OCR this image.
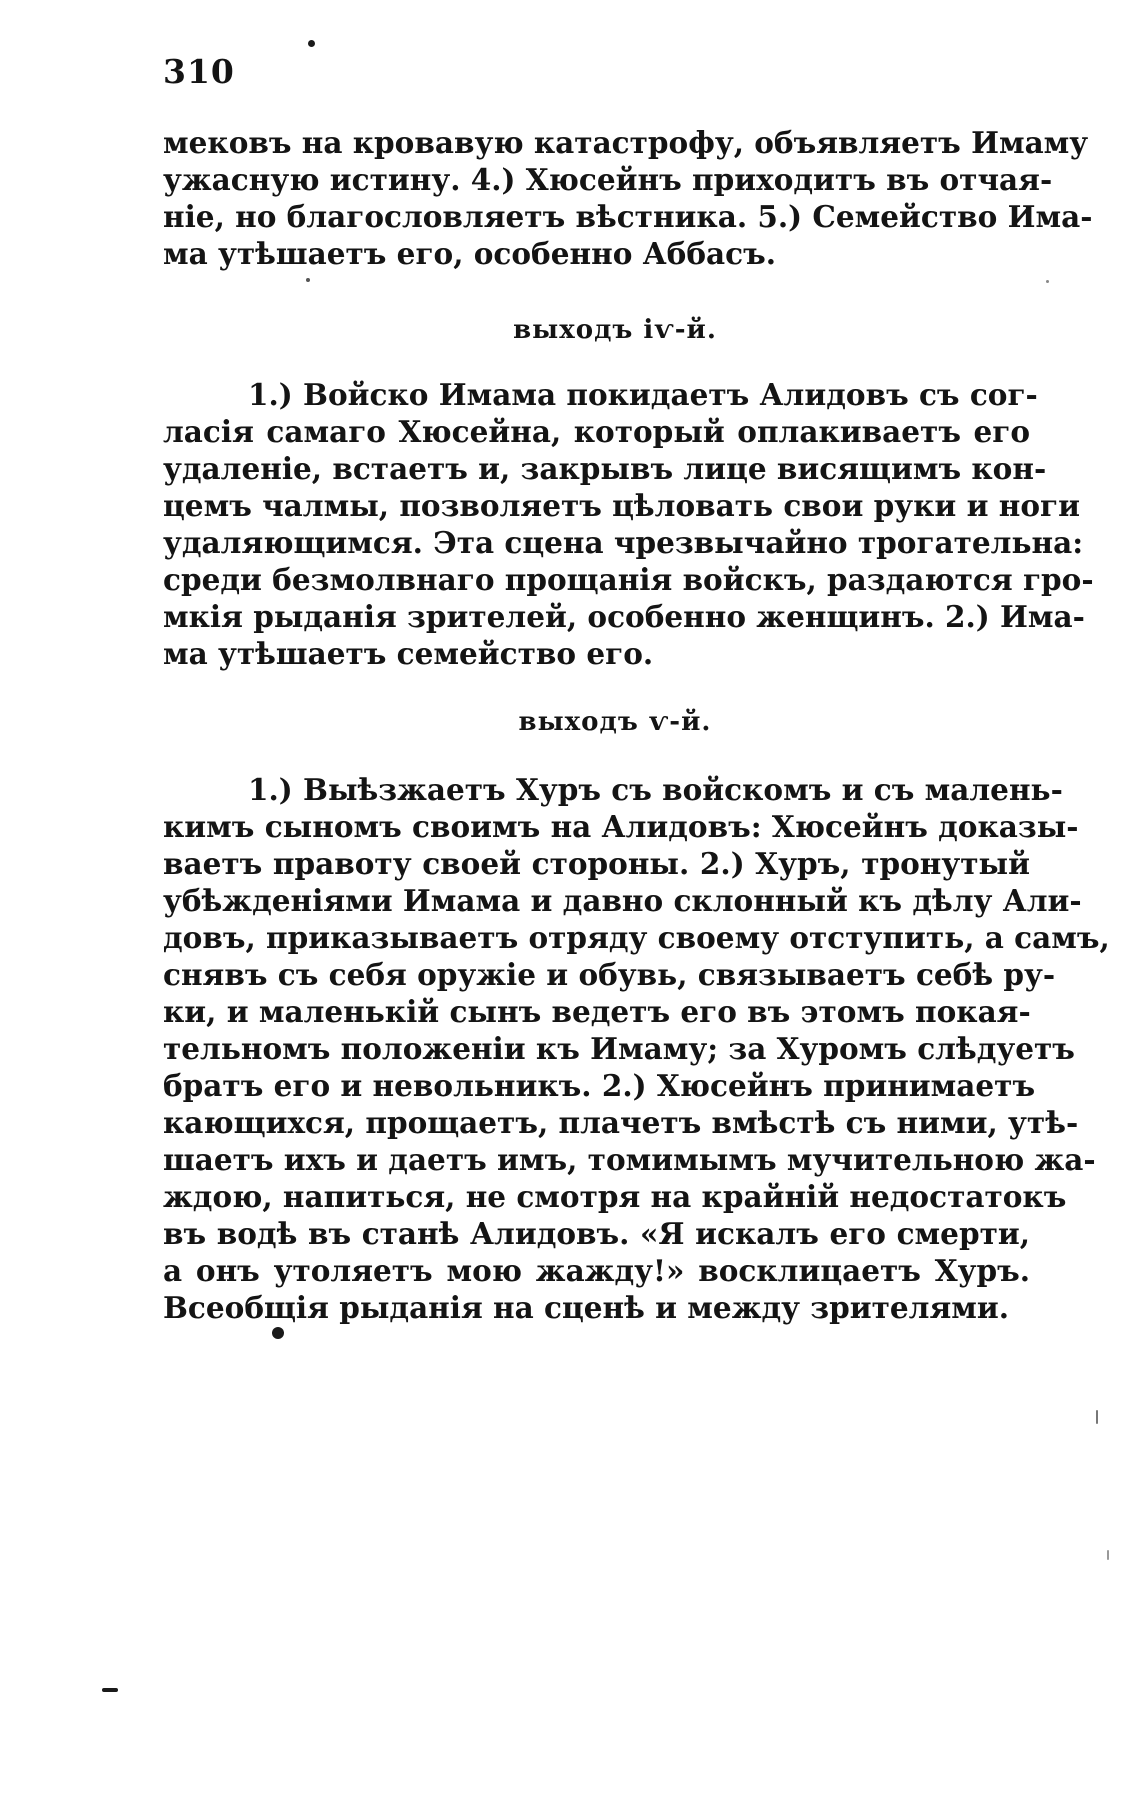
310
мековъ на кровавую катастрофу, объявляетъ Имаму
ужасную истину. 4.) Хюсейнъ приходитъ въ отчая-
ніе, но благословляетъ вѣстника. 5.) Семейство Има-
ма утѣшаетъ его, особенно Аббасъ.
выходъ іѵ-й.
1.) Войско Имама покидаетъ Алидовъ съ сог-
ласія самаго Хюсейна, который оплакиваетъ его
удаленіе, встаетъ и, закрывъ лице висящимъ кон-
цемъ чалмы, позволяетъ цѣловать свои руки и ноги
удаляющимся. Эта сцена чрезвычайно трогательна:
среди безмолвнаго прощанія войскъ, раздаются гро-
мкія рыданія зрителей, особенно женщинъ. 2.) Има-
ма утѣшаетъ семейство его.
выходъ ѵ-й.
1.) Выѣзжаетъ Хуръ съ войскомъ и съ малень-
кимъ сыномъ своимъ на Алидовъ: Хюсейнъ доказы-
ваетъ правоту своей стороны. 2.) Хуръ, тронутый
убѣжденіями Имама и давно склонный къ дѣлу Али-
довъ, приказываетъ отряду своему отступить, а самъ,
снявъ съ себя оружіе и обувь, связываетъ себѣ ру-
ки, и маленькій сынъ ведетъ его въ этомъ покая-
тельномъ положеніи къ Имаму; за Хуромъ слѣдуетъ
братъ его и невольникъ. 2.) Хюсейнъ принимаетъ
кающихся, прощаетъ, плачетъ вмѣстѣ съ ними, утѣ-
шаетъ ихъ и даетъ имъ, томимымъ мучительною жа-
ждою, напиться, не смотря на крайній недостатокъ
въ водѣ въ станѣ Алидовъ. «Я искалъ его смерти,
а онъ утоляетъ мою жажду!» восклицаетъ Хуръ.
Всеобщія рыданія на сценѣ и между зрителями.
